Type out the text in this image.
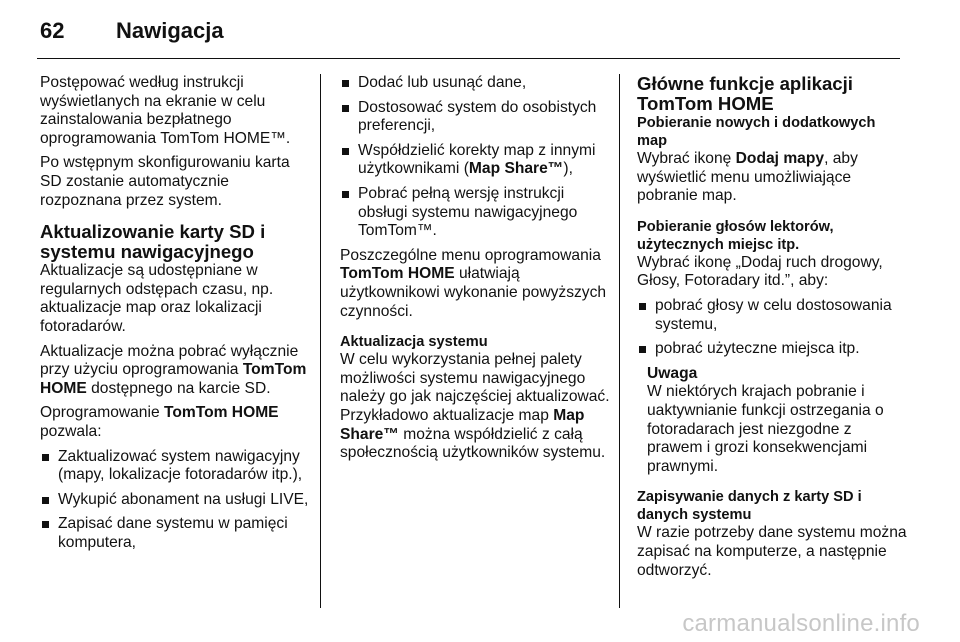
62	Nawigacja

Postępować według instrukcji wyświetlanych na ekranie w celu zainstalowania bezpłatnego oprogramowania TomTom HOME™.

Po wstępnym skonfigurowaniu karta SD zostanie automatycznie rozpoznana przez system.

Aktualizowanie karty SD i systemu nawigacyjnego

Aktualizacje są udostępniane w regularnych odstępach czasu, np. aktualizacje map oraz lokalizacji fotoradarów.

Aktualizacje można pobrać wyłącznie przy użyciu oprogramowania TomTom HOME dostępnego na karcie SD.

Oprogramowanie TomTom HOME pozwala:

Zaktualizować system nawigacyjny (mapy, lokalizacje fotoradarów itp.),
Wykupić abonament na usługi LIVE,
Zapisać dane systemu w pamięci komputera,
Dodać lub usunąć dane,
Dostosować system do osobistych preferencji,
Współdzielić korekty map z innymi użytkownikami (Map Share™),
Pobrać pełną wersję instrukcji obsługi systemu nawigacyjnego TomTom™.

Poszczególne menu oprogramowania TomTom HOME ułatwiają użytkownikowi wykonanie powyższych czynności.

Aktualizacja systemu

W celu wykorzystania pełnej palety możliwości systemu nawigacyjnego należy go jak najczęściej aktualizować. Przykładowo aktualizacje map Map Share™ można współdzielić z całą społecznością użytkowników systemu.

Główne funkcje aplikacji TomTom HOME
Pobieranie nowych i dodatkowych map

Wybrać ikonę Dodaj mapy, aby wyświetlić menu umożliwiające pobranie map.

Pobieranie głosów lektorów, użytecznych miejsc itp.

Wybrać ikonę „Dodaj ruch drogowy, Głosy, Fotoradary itd.”, aby:

pobrać głosy w celu dostosowania systemu,
pobrać użyteczne miejsca itp.
Uwaga
W niektórych krajach pobranie i uaktywnianie funkcji ostrzegania o fotoradarach jest niezgodne z prawem i grozi konsekwencjami prawnymi.
Zapisywanie danych z karty SD i danych systemu

W razie potrzeby dane systemu można zapisać na komputerze, a następnie odtworzyć.

carmanualsonline.info
